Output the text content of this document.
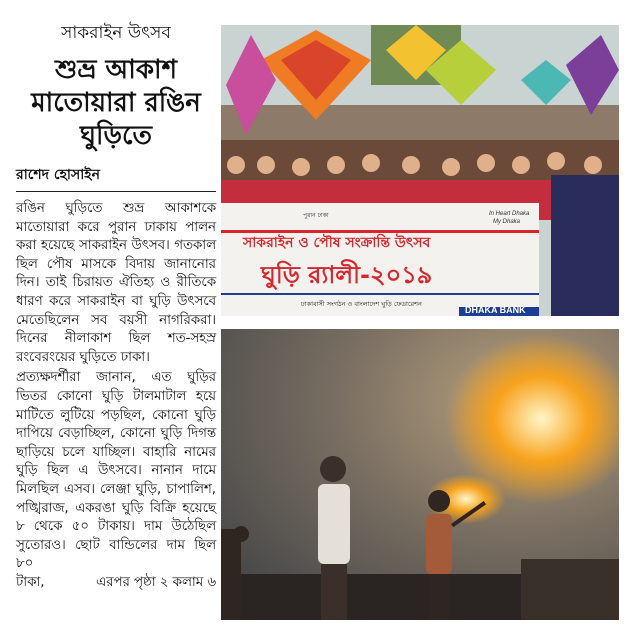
সাকরাইন উৎসব
শুভ্র আকাশ মাতোয়ারা রঙিন ঘুড়িতে
রাশেদ হোসাইন

রঙিন ঘুড়িতে শুভ্র আকাশকে মাতোয়ারা করে পুরান ঢাকায় পালন করা হয়েছে সাকরাইন উৎসব। গতকাল ছিল পৌষ মাসকে বিদায় জানানোর দিন। তাই চিরায়ত ঐতিহ্য ও রীতিকে ধারণ করে সাকরাইন বা ঘুড়ি উৎসবে মেতেছিলেন সব বয়সী নাগরিকরা। দিনের নীলাকাশ ছিল শত-সহস্র রংবেরংয়ের ঘুড়িতে ঢাকা।

প্রত্যক্ষদর্শীরা জানান, এত ঘুড়ির ভিতর কোনো ঘুড়ি টালমাটাল হয়ে মাটিতে লুটিয়ে পড়ছিল, কোনো ঘুড়ি দাপিয়ে বেড়াচ্ছিল, কোনো ঘুড়ি দিগন্ত ছাড়িয়ে চলে যাচ্ছিল। বাহারি নামের ঘুড়ি ছিল এ উৎসবে। নানান দামে মিলছিল এসব। লেঞ্জা ঘুড়ি, চাপালিশ, পঙ্খিরাজ, একরঙা ঘুড়ি বিক্রি হয়েছে ৮ থেকে ৫০ টাকায়। দাম উঠেছিল সুতোরও। ছোট বান্ডিলের দাম ছিল ৮০

টাকা,	এরপর পৃষ্ঠা ২ কলাম ৬
পুরান ঢাকা	In Heart Dhaka
My Dhaka
সাকরাইন ও পৌষ সংক্রান্তি উৎসব
ঘুড়ি র‍্যালী-২০১৯
ঢাকাবাসী সংগঠন ও বাংলাদেশ ঘুড়ি ফেডারেশন
DHAKA BANK
